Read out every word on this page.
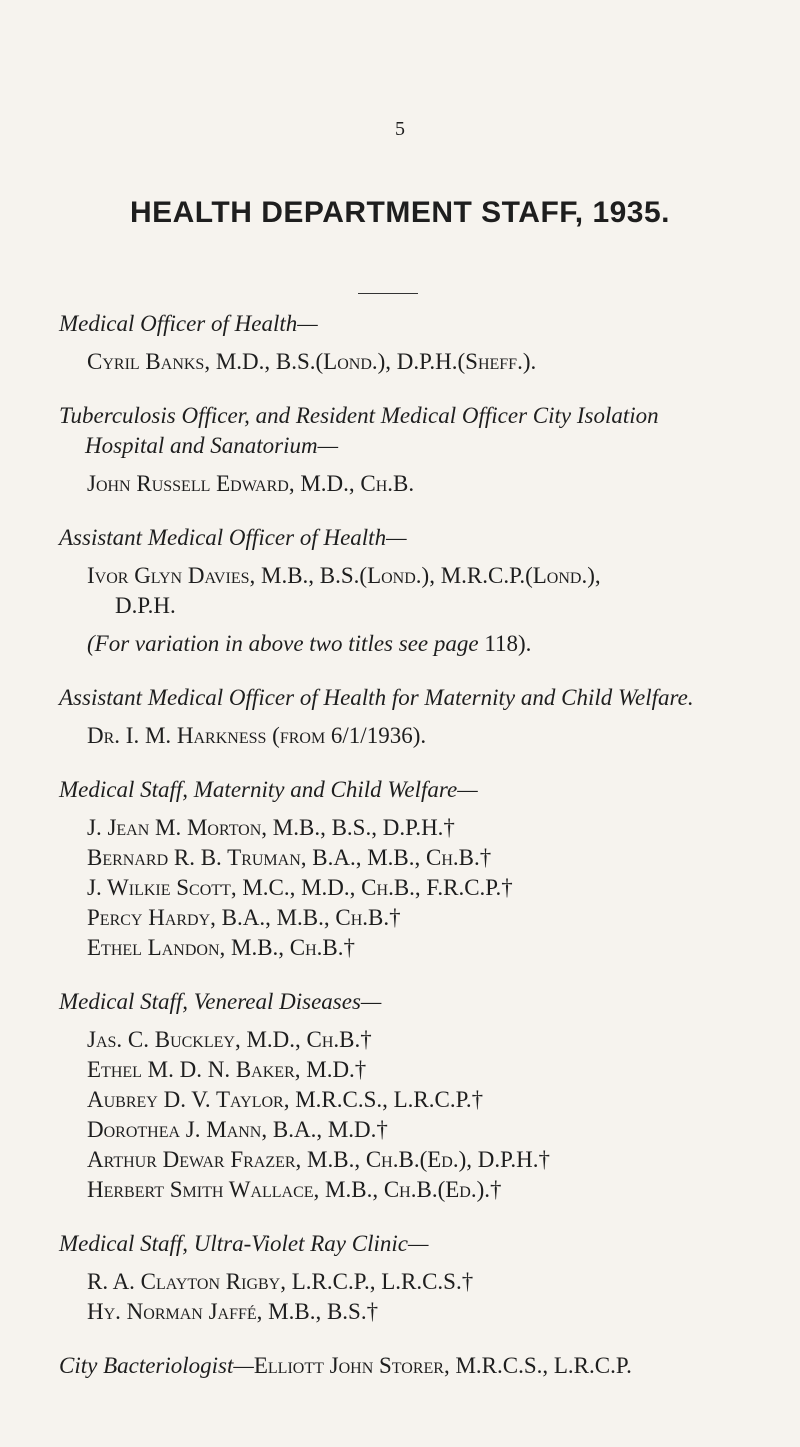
5
HEALTH DEPARTMENT STAFF, 1935.
Medical Officer of Health—
Cyril Banks, M.D., B.S.(Lond.), D.P.H.(Sheff.).
Tuberculosis Officer, and Resident Medical Officer City Isolation
Hospital and Sanatorium—
John Russell Edward, M.D., Ch.B.
Assistant Medical Officer of Health—
Ivor Glyn Davies, M.B., B.S.(Lond.), M.R.C.P.(Lond.),
D.P.H.
(For variation in above two titles see page 118).
Assistant Medical Officer of Health for Maternity and Child Welfare.
Dr. I. M. Harkness (from 6/1/1936).
Medical Staff, Maternity and Child Welfare—
J. Jean M. Morton, M.B., B.S., D.P.H.†
Bernard R. B. Truman, B.A., M.B., Ch.B.†
J. Wilkie Scott, M.C., M.D., Ch.B., F.R.C.P.†
Percy Hardy, B.A., M.B., Ch.B.†
Ethel Landon, M.B., Ch.B.†
Medical Staff, Venereal Diseases—
Jas. C. Buckley, M.D., Ch.B.†
Ethel M. D. N. Baker, M.D.†
Aubrey D. V. Taylor, M.R.C.S., L.R.C.P.†
Dorothea J. Mann, B.A., M.D.†
Arthur Dewar Frazer, M.B., Ch.B.(Ed.), D.P.H.†
Herbert Smith Wallace, M.B., Ch.B.(Ed.).†
Medical Staff, Ultra-Violet Ray Clinic—
R. A. Clayton Rigby, L.R.C.P., L.R.C.S.†
Hy. Norman Jaffé, M.B., B.S.†
City Bacteriologist—Elliott John Storer, M.R.C.S., L.R.C.P.
